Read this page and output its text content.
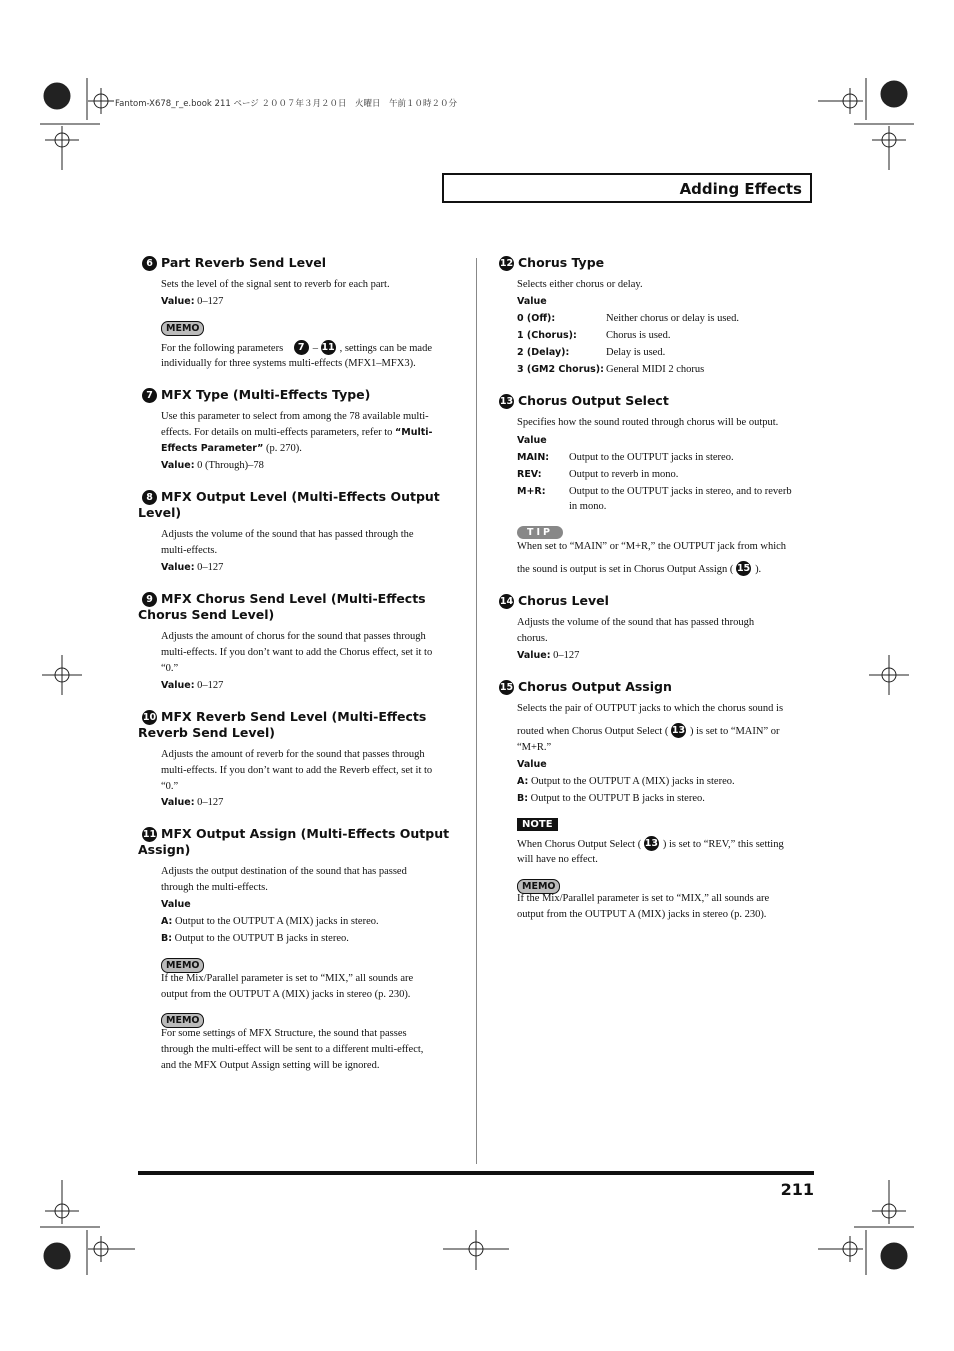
Fantom-X678_r_e.book 211 ページ ２００７年３月２０日　火曜日　午前１０時２０分
Adding Effects
6 Part Reverb Send Level
Sets the level of the signal sent to reverb for each part.
Value: 0–127
MEMO
For the following parameters 7 – 11 , settings can be made
individually for three systems multi-effects (MFX1–MFX3).
7 MFX Type (Multi-Effects Type)
Use this parameter to select from among the 78 available multi-
effects. For details on multi-effects parameters, refer to “Multi-
Effects Parameter” (p. 270).
Value: 0 (Through)–78
8 MFX Output Level (Multi-Effects Output
Level)
Adjusts the volume of the sound that has passed through the
multi-effects.
Value: 0–127
9 MFX Chorus Send Level (Multi-Effects
Chorus Send Level)
Adjusts the amount of chorus for the sound that passes through
multi-effects. If you don’t want to add the Chorus effect, set it to
“0.”
Value: 0–127
10 MFX Reverb Send Level (Multi-Effects
Reverb Send Level)
Adjusts the amount of reverb for the sound that passes through
multi-effects. If you don’t want to add the Reverb effect, set it to
“0.”
Value: 0–127
11 MFX Output Assign (Multi-Effects Output
Assign)
Adjusts the output destination of the sound that has passed
through the multi-effects.
Value
A: Output to the OUTPUT A (MIX) jacks in stereo.
B: Output to the OUTPUT B jacks in stereo.
MEMO
If the Mix/Parallel parameter is set to “MIX,” all sounds are
output from the OUTPUT A (MIX) jacks in stereo (p. 230).
MEMO
For some settings of MFX Structure, the sound that passes
through the multi-effect will be sent to a different multi-effect,
and the MFX Output Assign setting will be ignored.
12 Chorus Type
Selects either chorus or delay.
Value
0 (Off):	Neither chorus or delay is used.
1 (Chorus):	Chorus is used.
2 (Delay):	Delay is used.
3 (GM2 Chorus): General MIDI 2 chorus
13 Chorus Output Select
Specifies how the sound routed through chorus will be output.
Value
MAIN: Output to the OUTPUT jacks in stereo.
REV:	Output to reverb in mono.
M+R: Output to the OUTPUT jacks in stereo, and to reverb
in mono.
TIP
When set to “MAIN” or “M+R,” the OUTPUT jack from which
the sound is output is set in Chorus Output Assign ( 15 ).
14 Chorus Level
Adjusts the volume of the sound that has passed through
chorus.
Value: 0–127
15 Chorus Output Assign
Selects the pair of OUTPUT jacks to which the chorus sound is
routed when Chorus Output Select ( 13 ) is set to “MAIN” or
“M+R.”
Value
A: Output to the OUTPUT A (MIX) jacks in stereo.
B: Output to the OUTPUT B jacks in stereo.
NOTE
When Chorus Output Select ( 13 ) is set to “REV,” this setting
will have no effect.
MEMO
If the Mix/Parallel parameter is set to “MIX,” all sounds are
output from the OUTPUT A (MIX) jacks in stereo (p. 230).
211
